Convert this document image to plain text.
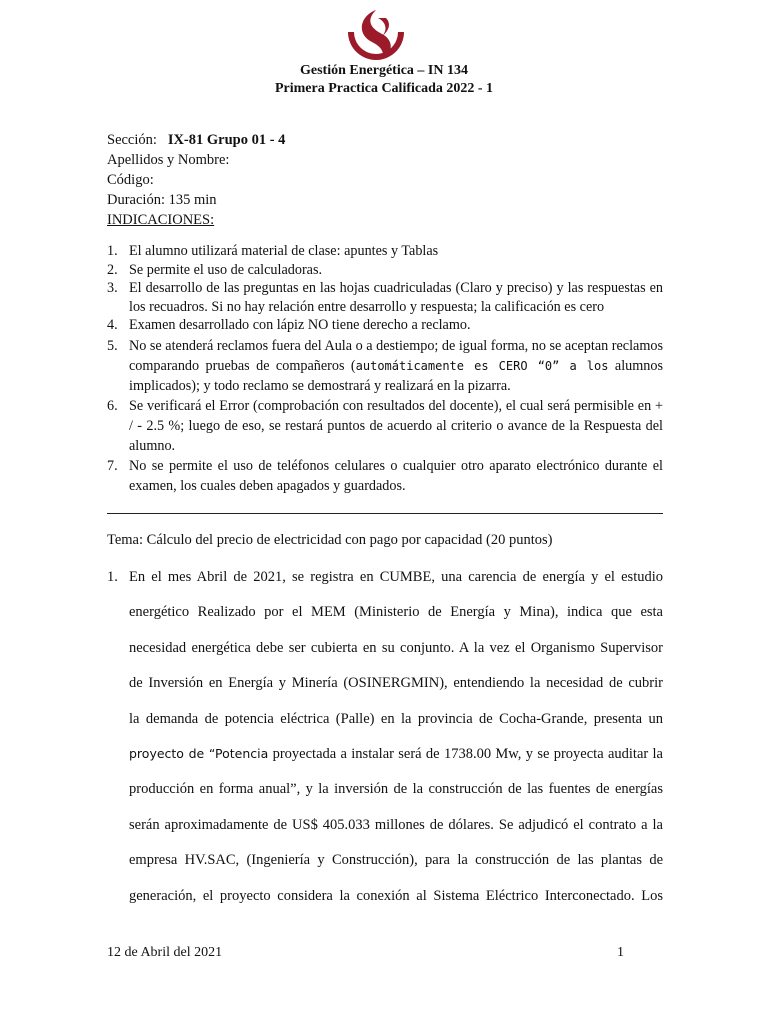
Gestión Energética – IN 134
Primera Practica Calificada 2022 - 1
Sección: IX-81 Grupo 01 - 4
Apellidos y Nombre:
Código:
Duración: 135 min
INDICACIONES:
1. El alumno utilizará material de clase: apuntes y Tablas
2. Se permite el uso de calculadoras.
3. El desarrollo de las preguntas en las hojas cuadriculadas (Claro y preciso) y las respuestas en los recuadros. Si no hay relación entre desarrollo y respuesta; la calificación es cero
4. Examen desarrollado con lápiz NO tiene derecho a reclamo.
5. No se atenderá reclamos fuera del Aula o a destiempo; de igual forma, no se aceptan reclamos comparando pruebas de compañeros (automáticamente es CERO “0” a los alumnos implicados); y todo reclamo se demostrará y realizará en la pizarra.
6. Se verificará el Error (comprobación con resultados del docente), el cual será permisible en + / - 2.5 %; luego de eso, se restará puntos de acuerdo al criterio o avance de la Respuesta del alumno.
7. No se permite el uso de teléfonos celulares o cualquier otro aparato electrónico durante el examen, los cuales deben apagados y guardados.
Tema: Cálculo del precio de electricidad con pago por capacidad (20 puntos)
1. En el mes Abril de 2021, se registra en CUMBE, una carencia de energía y el estudio
energético Realizado por el MEM (Ministerio de Energía y Mina), indica que esta
necesidad energética debe ser cubierta en su conjunto. A la vez el Organismo Supervisor
de Inversión en Energía y Minería (OSINERGMIN), entendiendo la necesidad de cubrir
la demanda de potencia eléctrica (Palle) en la provincia de Cocha-Grande, presenta un
proyecto de “Potencia proyectada a instalar será de 1738.00 Mw, y se proyecta auditar la
producción en forma anual”, y la inversión de la construcción de las fuentes de energías
serán aproximadamente de US$ 405.033 millones de dólares. Se adjudicó el contrato a la
empresa HV.SAC, (Ingeniería y Construcción), para la construcción de las plantas de
generación, el proyecto considera la conexión al Sistema Eléctrico Interconectado. Los
12 de Abril del 2021	1
